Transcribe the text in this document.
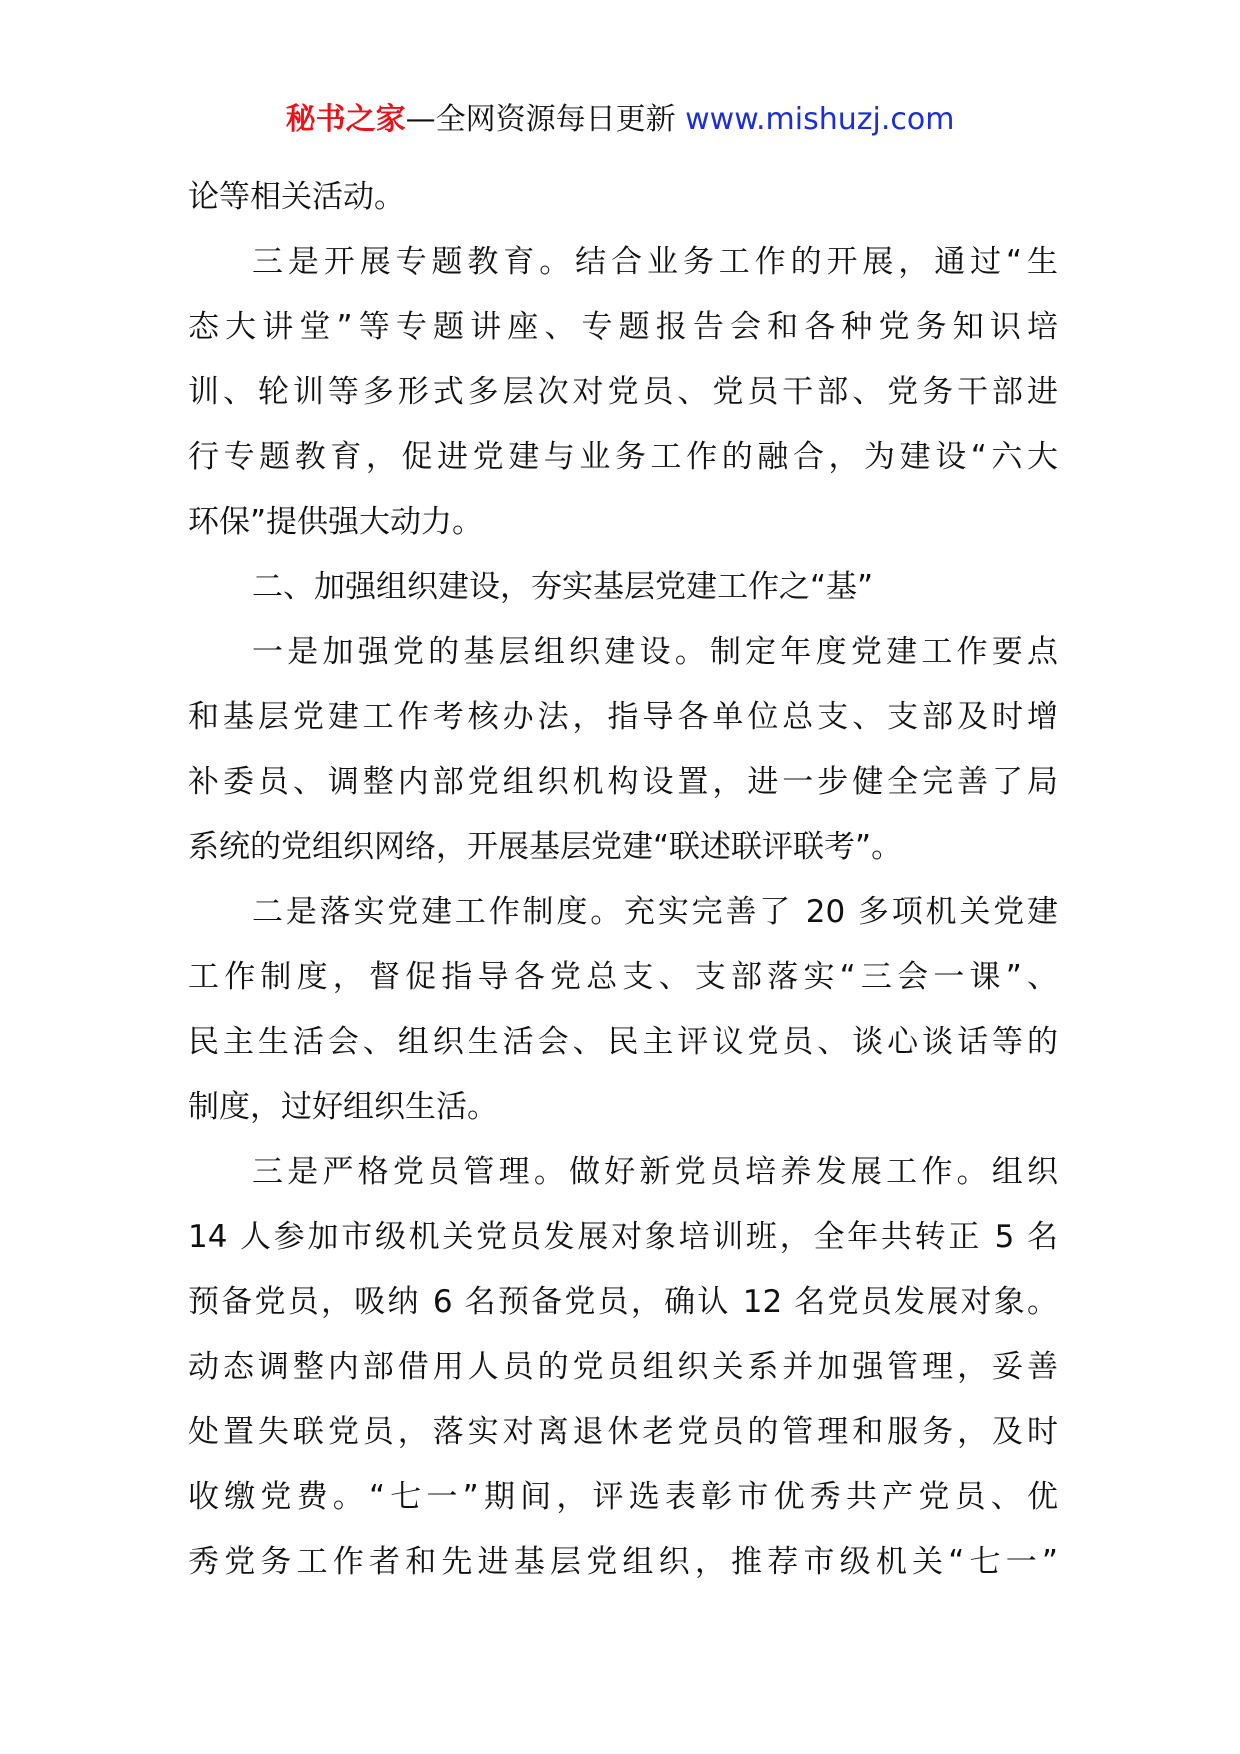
秘书之家—全网资源每日更新 www.mishuzj.com
论等相关活动。
三是开展专题教育。结合业务工作的开展，通过“生
态大讲堂”等专题讲座、专题报告会和各种党务知识培
训、轮训等多形式多层次对党员、党员干部、党务干部进
行专题教育，促进党建与业务工作的融合，为建设“六大
环保”提供强大动力。
二、加强组织建设，夯实基层党建工作之“基”
一是加强党的基层组织建设。制定年度党建工作要点
和基层党建工作考核办法，指导各单位总支、支部及时增
补委员、调整内部党组织机构设置，进一步健全完善了局
系统的党组织网络，开展基层党建“联述联评联考”。
二是落实党建工作制度。充实完善了 20 多项机关党建
工作制度，督促指导各党总支、支部落实“三会一课”、
民主生活会、组织生活会、民主评议党员、谈心谈话等的
制度，过好组织生活。
三是严格党员管理。做好新党员培养发展工作。组织
14 人参加市级机关党员发展对象培训班，全年共转正 5 名
预备党员，吸纳 6 名预备党员，确认 12 名党员发展对象。
动态调整内部借用人员的党员组织关系并加强管理，妥善
处置失联党员，落实对离退休老党员的管理和服务，及时
收缴党费。“七一”期间，评选表彰市优秀共产党员、优
秀党务工作者和先进基层党组织，推荐市级机关“七一”
